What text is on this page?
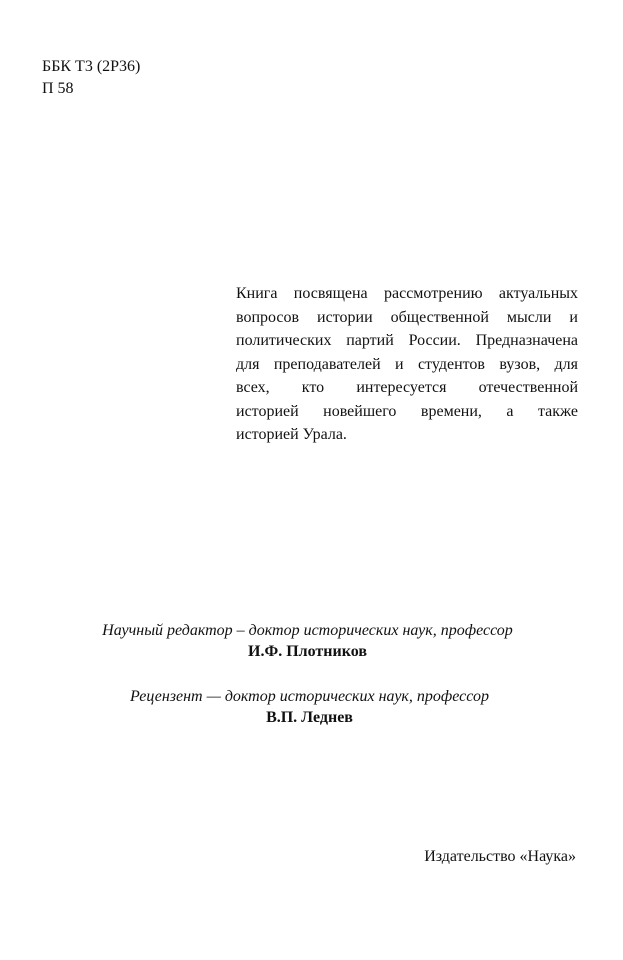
ББК Т3 (2Р36)
П 58
Книга посвящена рассмотрению актуальных
вопросов истории общественной мысли и
политических партий России. Предназначена
для преподавателей и студентов вузов, для
всех, кто интересуется отечественной
историей новейшего времени, а также
историей Урала.
Научный редактор – доктор исторических наук, профессор
И.Ф. Плотников
Рецензент — доктор исторических наук, профессор
В.П. Леднев
Издательство «Наука»
